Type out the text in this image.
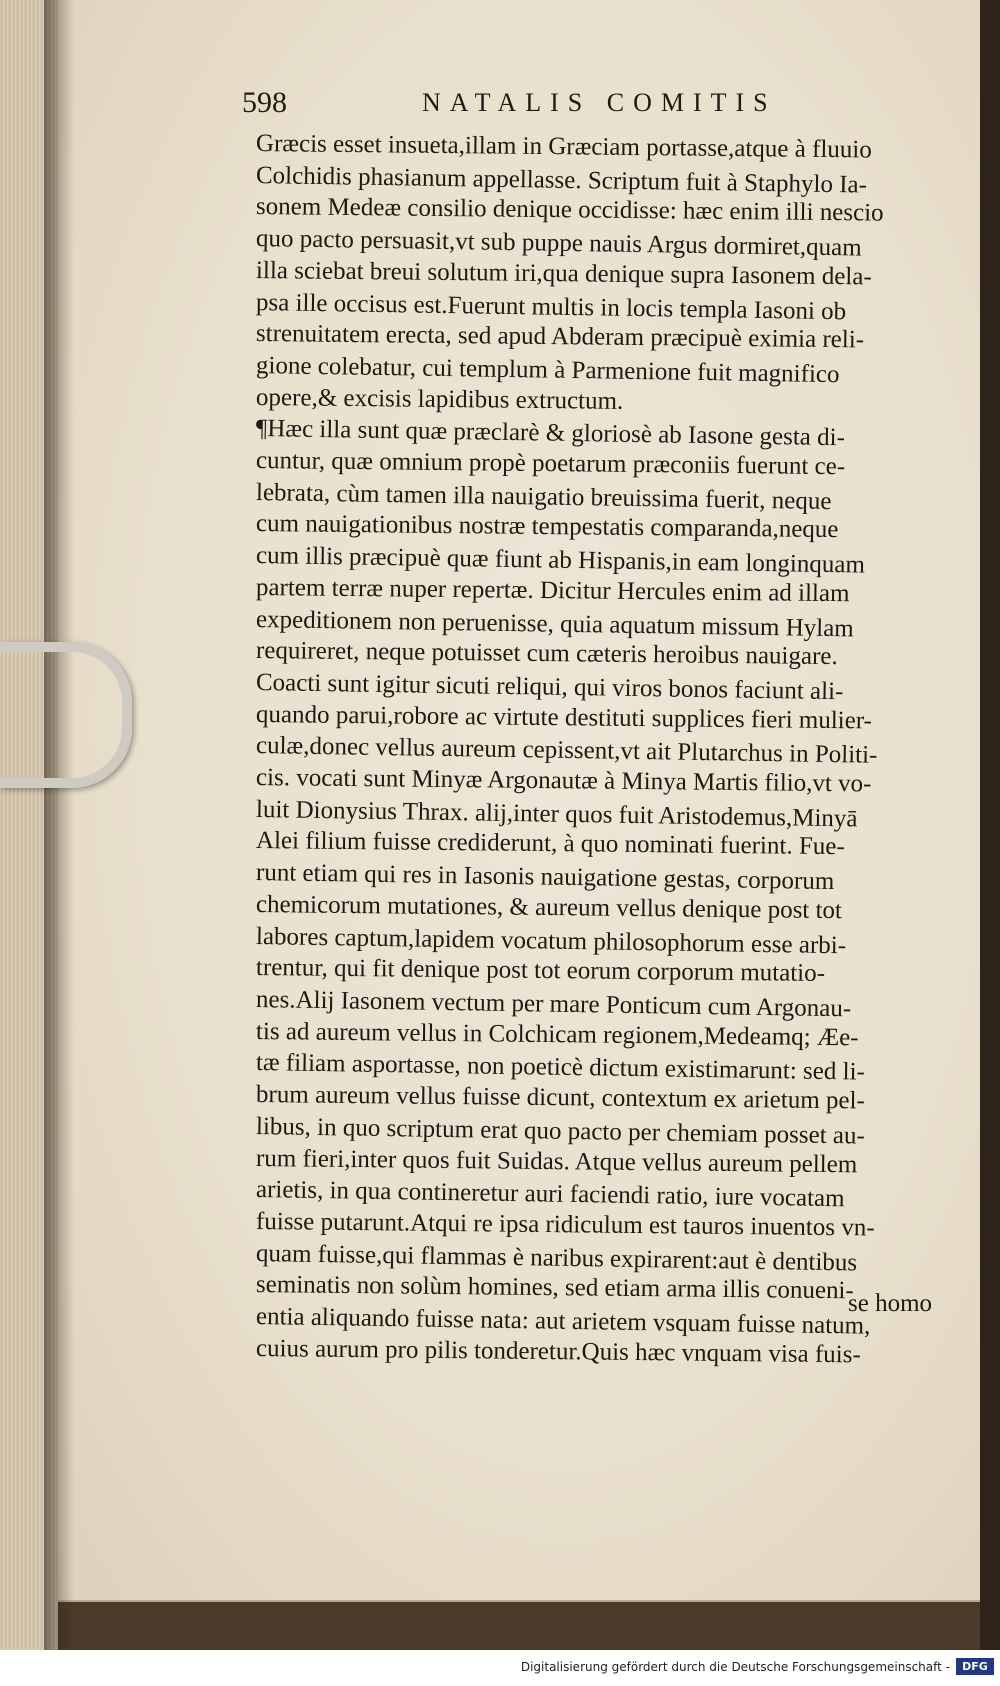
598	NATALIS COMITIS
Græcis esset insueta,illam in Græciam portasse,atque à fluuio
Colchidis phasianum appellasse. Scriptum fuit à Staphylo Ia-
sonem Medeæ consilio denique occidisse: hæc enim illi nescio
quo pacto persuasit,vt sub puppe nauis Argus dormiret,quam
illa sciebat breui solutum iri,qua denique supra Iasonem dela-
psa ille occisus est.Fuerunt multis in locis templa Iasoni ob
strenuitatem erecta, sed apud Abderam præcipuè eximia reli-
gione colebatur, cui templum à Parmenione fuit magnifico
opere,& excisis lapidibus extructum.
¶Hæc illa sunt quæ præclarè & gloriosè ab Iasone gesta di-
cuntur, quæ omnium propè poetarum præconiis fuerunt ce-
lebrata, cùm tamen illa nauigatio breuissima fuerit, neque
cum nauigationibus nostræ tempestatis comparanda,neque
cum illis præcipuè quæ fiunt ab Hispanis,in eam longinquam
partem terræ nuper repertæ. Dicitur Hercules enim ad illam
expeditionem non peruenisse, quia aquatum missum Hylam
requireret, neque potuisset cum cæteris heroibus nauigare.
Coacti sunt igitur sicuti reliqui, qui viros bonos faciunt ali-
quando parui,robore ac virtute destituti supplices fieri mulier-
culæ,donec vellus aureum cepissent,vt ait Plutarchus in Politi-
cis. vocati sunt Minyæ Argonautæ à Minya Martis filio,vt vo-
luit Dionysius Thrax. alij,inter quos fuit Aristodemus,Minyā
Alei filium fuisse crediderunt, à quo nominati fuerint. Fue-
runt etiam qui res in Iasonis nauigatione gestas, corporum
chemicorum mutationes, & aureum vellus denique post tot
labores captum,lapidem vocatum philosophorum esse arbi-
trentur, qui fit denique post tot eorum corporum mutatio-
nes.Alij Iasonem vectum per mare Ponticum cum Argonau-
tis ad aureum vellus in Colchicam regionem,Medeamq; Æe-
tæ filiam asportasse, non poeticè dictum existimarunt: sed li-
brum aureum vellus fuisse dicunt, contextum ex arietum pel-
libus, in quo scriptum erat quo pacto per chemiam posset au-
rum fieri,inter quos fuit Suidas. Atque vellus aureum pellem
arietis, in qua contineretur auri faciendi ratio, iure vocatam
fuisse putarunt.Atqui re ipsa ridiculum est tauros inuentos vn-
quam fuisse,qui flammas è naribus expirarent:aut è dentibus
seminatis non solùm homines, sed etiam arma illis conueni-
entia aliquando fuisse nata: aut arietem vsquam fuisse natum,
cuius aurum pro pilis tonderetur.Quis hæc vnquam visa fuis-
se homo
Digitalisierung gefördert durch die Deutsche Forschungsgemeinschaft -	DFG
